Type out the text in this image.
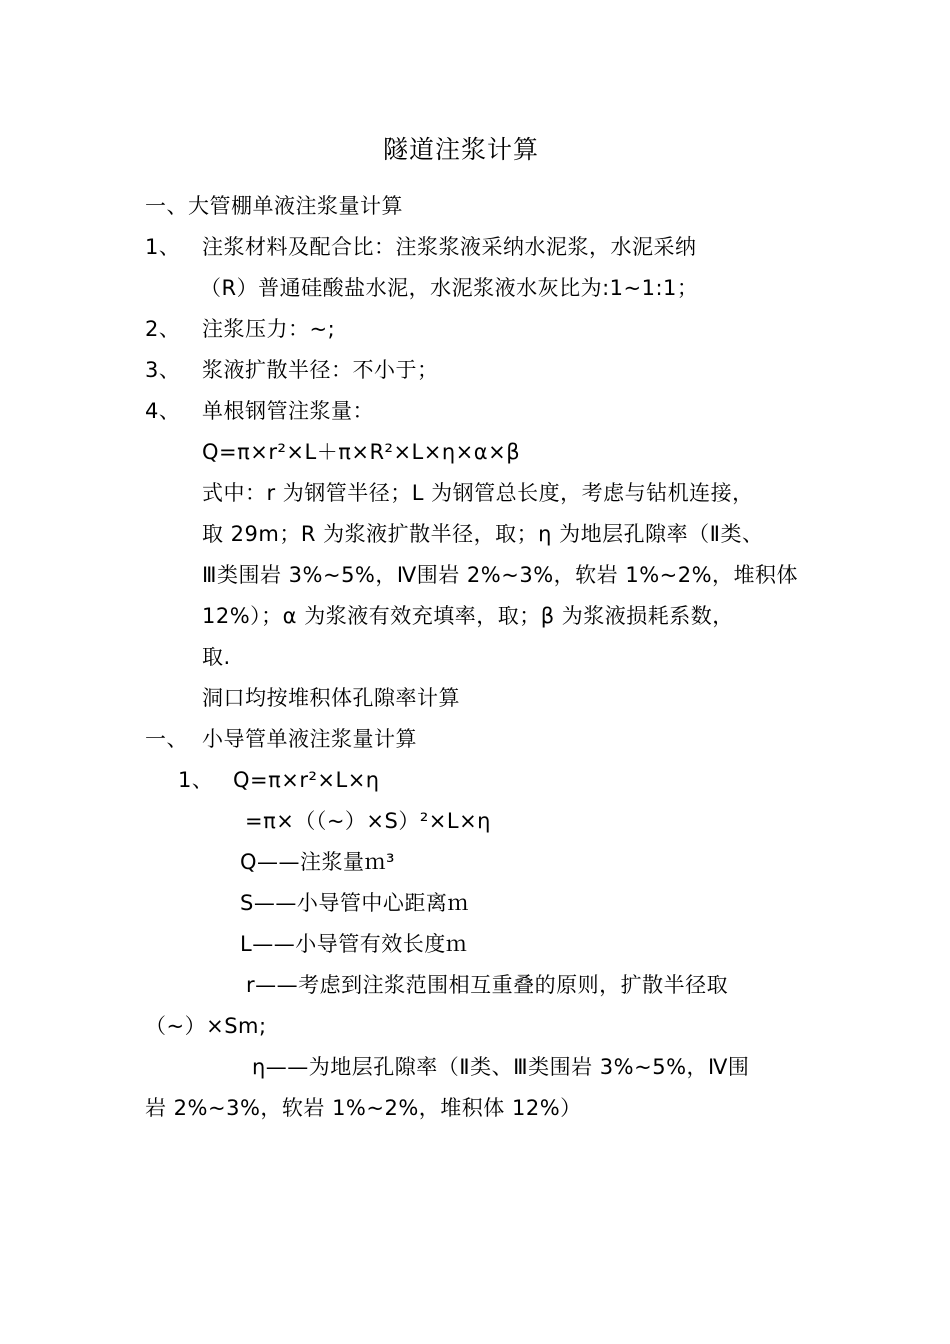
隧道注浆计算
一、大管棚单液注浆量计算
1、 注浆材料及配合比：注浆浆液采纳水泥浆，水泥采纳
（R）普通硅酸盐水泥，水泥浆液水灰比为:1~1:1；
2、 注浆压力：~;
3、 浆液扩散半径：不小于；
4、 单根钢管注浆量：
Q=π×r²×L＋π×R²×L×η×α×β
式中：r 为钢管半径；L 为钢管总长度，考虑与钻机连接，
取 29m；R 为浆液扩散半径，取；η 为地层孔隙率（Ⅱ类、
Ⅲ类围岩 3%~5%，Ⅳ围岩 2%~3%，软岩 1%~2%，堆积体
12%）；α 为浆液有效充填率，取；β 为浆液损耗系数，
取.
洞口均按堆积体孔隙率计算
一、 小导管单液注浆量计算
1、 Q=π×r²×L×η
=π×（（~）×S）²×L×η
Q——注浆量ｍ³
S——小导管中心距离ｍ
L——小导管有效长度ｍ
r——考虑到注浆范围相互重叠的原则，扩散半径取
（~）×Sm;
η——为地层孔隙率（Ⅱ类、Ⅲ类围岩 3%~5%，Ⅳ围
岩 2%~3%，软岩 1%~2%，堆积体 12%）
